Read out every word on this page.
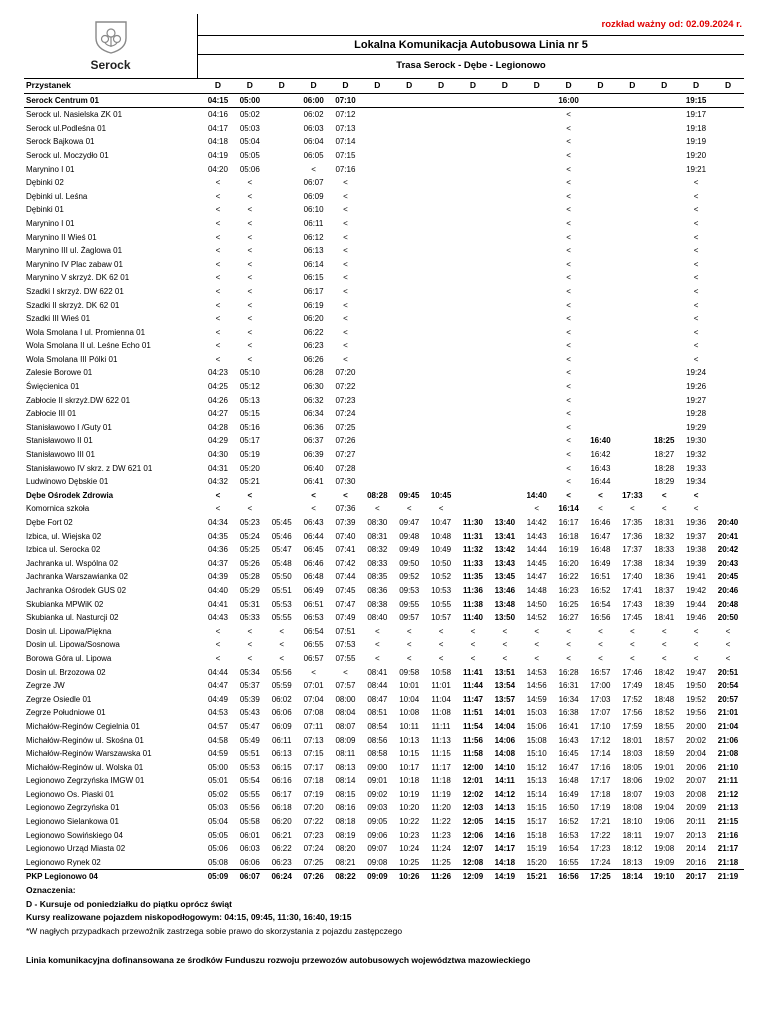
Serock
rozkład ważny od: 02.09.2024 r.
Lokalna Komunikacja Autobusowa Linia nr 5
Trasa Serock - Dębe - Legionowo
Przystanek	D	D	D	D	D	D	D	D	D	D	D	D	D	D	D	D	D
Serock Centrum 01	04:15	05:00		06:00	07:10							16:00				19:15	
Serock ul. Nasielska ZK 01	04:16	05:02		06:02	07:12							<				19:17	
Serock ul.Podleśna 01	04:17	05:03		06:03	07:13							<				19:18	
Serock Bajkowa 01	04:18	05:04		06:04	07:14							<				19:19	
Serock ul. Moczydło 01	04:19	05:05		06:05	07:15							<				19:20	
Marynino I 01	04:20	05:06		<	07:16							<				19:21	
Dębinki 02	<	<		06:07	<							<				<	
Dębinki ul. Leśna	<	<		06:09	<							<				<	
Dębinki 01	<	<		06:10	<							<				<	
Marynino I 01	<	<		06:11	<							<				<	
Marynino II Wieś 01	<	<		06:12	<							<				<	
Marynino III ul. Żaglowa 01	<	<		06:13	<							<				<	
Marynino IV Plac zabaw 01	<	<		06:14	<							<				<	
Marynino V skrzyż. DK 62 01	<	<		06:15	<							<				<	
Szadki I skrzyż. DW 622 01	<	<		06:17	<							<				<	
Szadki II skrzyż. DK 62 01	<	<		06:19	<							<				<	
Szadki III Wieś 01	<	<		06:20	<							<				<	
Wola Smolana I ul. Promienna 01	<	<		06:22	<							<				<	
Wola Smolana II ul. Leśne Echo 01	<	<		06:23	<							<				<	
Wola Smolana III Pólki 01	<	<		06:26	<							<				<	
Zalesie Borowe 01	04:23	05:10		06:28	07:20							<				19:24	
Święcienica 01	04:25	05:12		06:30	07:22							<				19:26	
Zabłocie II skrzyż.DW 622 01	04:26	05:13		06:32	07:23							<				19:27	
Zabłocie III 01	04:27	05:15		06:34	07:24							<				19:28	
Stanisławowo I /Guty 01	04:28	05:16		06:36	07:25							<				19:29	
Stanisławowo II 01	04:29	05:17		06:37	07:26							<	16:40		18:25	19:30	
Stanisławowo III 01	04:30	05:19		06:39	07:27							<	16:42		18:27	19:32	
Stanisławowo IV skrz. z DW 621 01	04:31	05:20		06:40	07:28							<	16:43		18:28	19:33	
Ludwinowo Dębskie 01	04:32	05:21		06:41	07:30							<	16:44		18:29	19:34	
Dębe Ośrodek Zdrowia	<	<		<	<	08:28	09:45	10:45			14:40	<	<	17:33	<	<	
Komornica szkoła	<	<		<	07:36	<	<	<			<	16:14	<	<	<	<	
Dębe Fort 02	04:34	05:23	05:45	06:43	07:39	08:30	09:47	10:47	11:30	13:40	14:42	16:17	16:46	17:35	18:31	19:36	20:40
Izbica, ul. Wiejska 02	04:35	05:24	05:46	06:44	07:40	08:31	09:48	10:48	11:31	13:41	14:43	16:18	16:47	17:36	18:32	19:37	20:41
Izbica ul. Serocka 02	04:36	05:25	05:47	06:45	07:41	08:32	09:49	10:49	11:32	13:42	14:44	16:19	16:48	17:37	18:33	19:38	20:42
Jachranka ul. Wspólna 02	04:37	05:26	05:48	06:46	07:42	08:33	09:50	10:50	11:33	13:43	14:45	16:20	16:49	17:38	18:34	19:39	20:43
Jachranka Warszawianka 02	04:39	05:28	05:50	06:48	07:44	08:35	09:52	10:52	11:35	13:45	14:47	16:22	16:51	17:40	18:36	19:41	20:45
Jachranka Ośrodek GUS 02	04:40	05:29	05:51	06:49	07:45	08:36	09:53	10:53	11:36	13:46	14:48	16:23	16:52	17:41	18:37	19:42	20:46
Skubianka MPWiK 02	04:41	05:31	05:53	06:51	07:47	08:38	09:55	10:55	11:38	13:48	14:50	16:25	16:54	17:43	18:39	19:44	20:48
Skubianka ul. Nasturcji 02	04:43	05:33	05:55	06:53	07:49	08:40	09:57	10:57	11:40	13:50	14:52	16:27	16:56	17:45	18:41	19:46	20:50
Dosin ul. Lipowa/Piękna	<	<	<	06:54	07:51	<	<	<	<	<	<	<	<	<	<	<	<
Dosin ul. Lipowa/Sosnowa	<	<	<	06:55	07:53	<	<	<	<	<	<	<	<	<	<	<	<
Borowa Góra ul. Lipowa	<	<	<	06:57	07:55	<	<	<	<	<	<	<	<	<	<	<	<
Dosin ul. Brzozowa 02	04:44	05:34	05:56	<	<	08:41	09:58	10:58	11:41	13:51	14:53	16:28	16:57	17:46	18:42	19:47	20:51
Zegrze JW	04:47	05:37	05:59	07:01	07:57	08:44	10:01	11:01	11:44	13:54	14:56	16:31	17:00	17:49	18:45	19:50	20:54
Zegrze Osiedle 01	04:49	05:39	06:02	07:04	08:00	08:47	10:04	11:04	11:47	13:57	14:59	16:34	17:03	17:52	18:48	19:52	20:57
Zegrze Południowe 01	04:53	05:43	06:06	07:08	08:04	08:51	10:08	11:08	11:51	14:01	15:03	16:38	17:07	17:56	18:52	19:56	21:01
Michałów-Reginów Cegielnia 01	04:57	05:47	06:09	07:11	08:07	08:54	10:11	11:11	11:54	14:04	15:06	16:41	17:10	17:59	18:55	20:00	21:04
Michałów-Reginów ul. Skośna 01	04:58	05:49	06:11	07:13	08:09	08:56	10:13	11:13	11:56	14:06	15:08	16:43	17:12	18:01	18:57	20:02	21:06
Michałów-Reginów Warszawska 01	04:59	05:51	06:13	07:15	08:11	08:58	10:15	11:15	11:58	14:08	15:10	16:45	17:14	18:03	18:59	20:04	21:08
Michałów-Reginów ul. Wolska 01	05:00	05:53	06:15	07:17	08:13	09:00	10:17	11:17	12:00	14:10	15:12	16:47	17:16	18:05	19:01	20:06	21:10
Legionowo Zegrzyńska IMGW 01	05:01	05:54	06:16	07:18	08:14	09:01	10:18	11:18	12:01	14:11	15:13	16:48	17:17	18:06	19:02	20:07	21:11
Legionowo Os. Piaski 01	05:02	05:55	06:17	07:19	08:15	09:02	10:19	11:19	12:02	14:12	15:14	16:49	17:18	18:07	19:03	20:08	21:12
Legionowo Zegrzyńska 01	05:03	05:56	06:18	07:20	08:16	09:03	10:20	11:20	12:03	14:13	15:15	16:50	17:19	18:08	19:04	20:09	21:13
Legionowo Sielankowa 01	05:04	05:58	06:20	07:22	08:18	09:05	10:22	11:22	12:05	14:15	15:17	16:52	17:21	18:10	19:06	20:11	21:15
Legionowo Sowińskiego 04	05:05	06:01	06:21	07:23	08:19	09:06	10:23	11:23	12:06	14:16	15:18	16:53	17:22	18:11	19:07	20:13	21:16
Legionowo Urząd Miasta 02	05:06	06:03	06:22	07:24	08:20	09:07	10:24	11:24	12:07	14:17	15:19	16:54	17:23	18:12	19:08	20:14	21:17
Legionowo Rynek 02	05:08	06:06	06:23	07:25	08:21	09:08	10:25	11:25	12:08	14:18	15:20	16:55	17:24	18:13	19:09	20:16	21:18
PKP Legionowo 04	05:09	06:07	06:24	07:26	08:22	09:09	10:26	11:26	12:09	14:19	15:21	16:56	17:25	18:14	19:10	20:17	21:19
Oznaczenia:
D - Kursuje od poniedziałku do piątku oprócz świąt
Kursy realizowane pojazdem niskopodłogowym: 04:15, 09:45, 11:30, 16:40, 19:15
*W nagłych przypadkach przewoźnik zastrzega sobie prawo do skorzystania z pojazdu zastępczego
Linia komunikacyjna dofinansowana ze środków Funduszu rozwoju przewozów autobusowych województwa mazowieckiego
